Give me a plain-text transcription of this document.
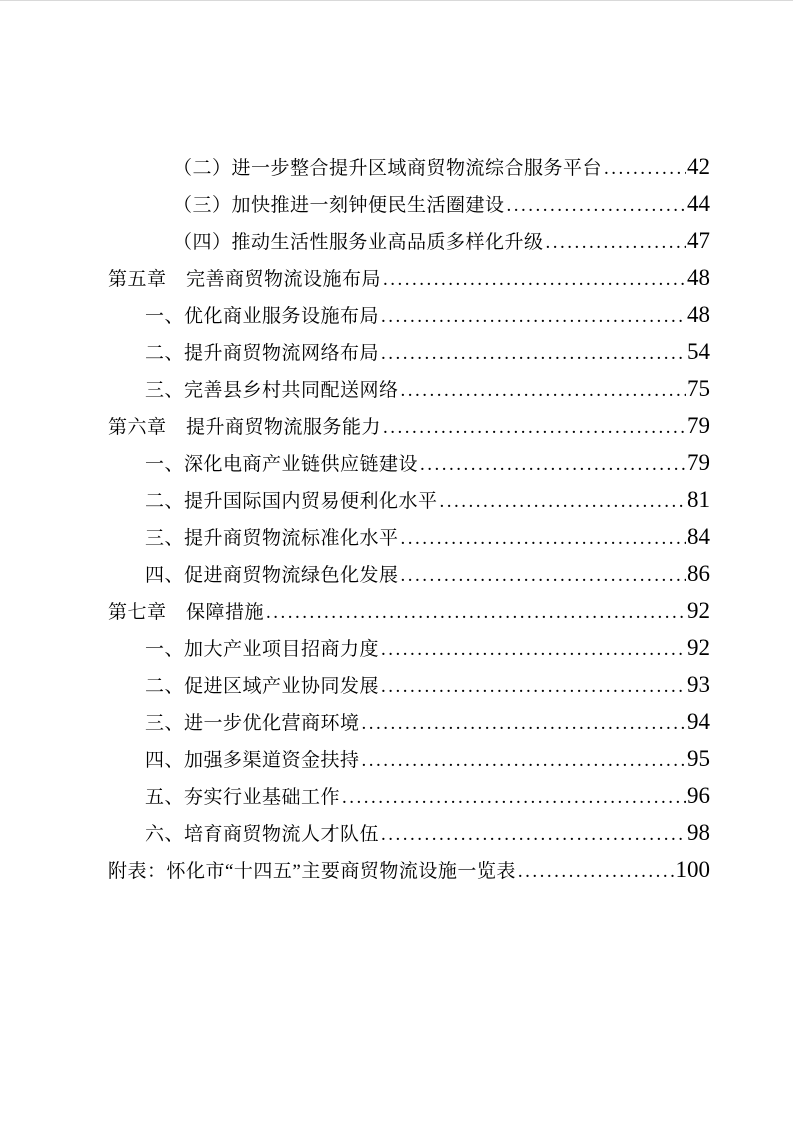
（二）进一步整合提升区域商贸物流综合服务平台 .....	42
（三）加快推进一刻钟便民生活圈建设 .....	44
（四）推动生活性服务业高品质多样化升级 .....	47
第五章　完善商贸物流设施布局 .....	48
一、优化商业服务设施布局 .....	48
二、提升商贸物流网络布局 .....	54
三、完善县乡村共同配送网络 .....	75
第六章　提升商贸物流服务能力 .....	79
一、深化电商产业链供应链建设 .....	79
二、提升国际国内贸易便利化水平 .....	81
三、提升商贸物流标准化水平 .....	84
四、促进商贸物流绿色化发展 .....	86
第七章　保障措施 .....	92
一、加大产业项目招商力度 .....	92
二、促进区域产业协同发展 .....	93
三、进一步优化营商环境 .....	94
四、加强多渠道资金扶持 .....	95
五、夯实行业基础工作 .....	96
六、培育商贸物流人才队伍 .....	98
附表：怀化市“十四五”主要商贸物流设施一览表 .....	100
